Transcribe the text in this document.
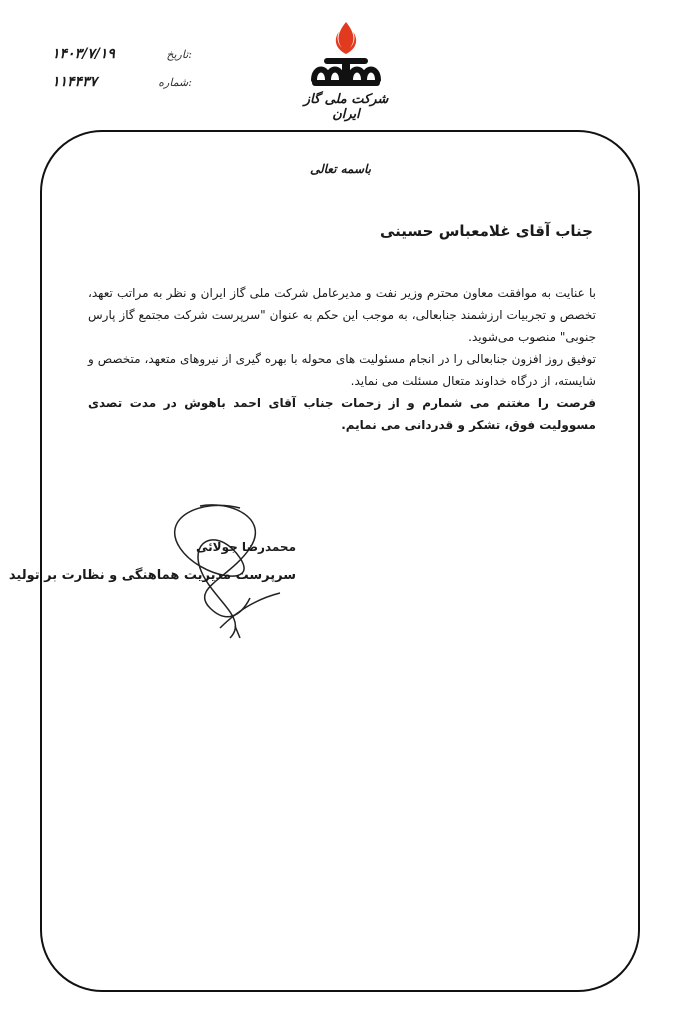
۱۴۰۳/۷/۱۹	تاریخ:
۱۱۴۴۳۷	شماره:
شرکت ملی گاز ایران
باسمه تعالی
جناب آقای غلامعباس حسینی

با عنایت به موافقت معاون محترم وزیر نفت و مدیرعامل شرکت ملی گاز ایران و نظر به مراتب تعهد، تخصص و تجربیات ارزشمند جنابعالی، به موجب این حکم به عنوان "سرپرست شرکت مجتمع گاز پارس جنوبی" منصوب می‌شوید.

توفیق روز افزون جنابعالی را در انجام مسئولیت های محوله با بهره گیری از نیروهای متعهد، متخصص و شایسته، از درگاه خداوند متعال مسئلت می نماید.

فرصت را مغتنم می شمارم و از زحمات جناب آقای احمد باهوش در مدت تصدی مسوولیت فوق، تشکر و قدردانی می نمایم.

محمدرضا جولائی
سرپرست مدیریت هماهنگی و نظارت بر تولید
